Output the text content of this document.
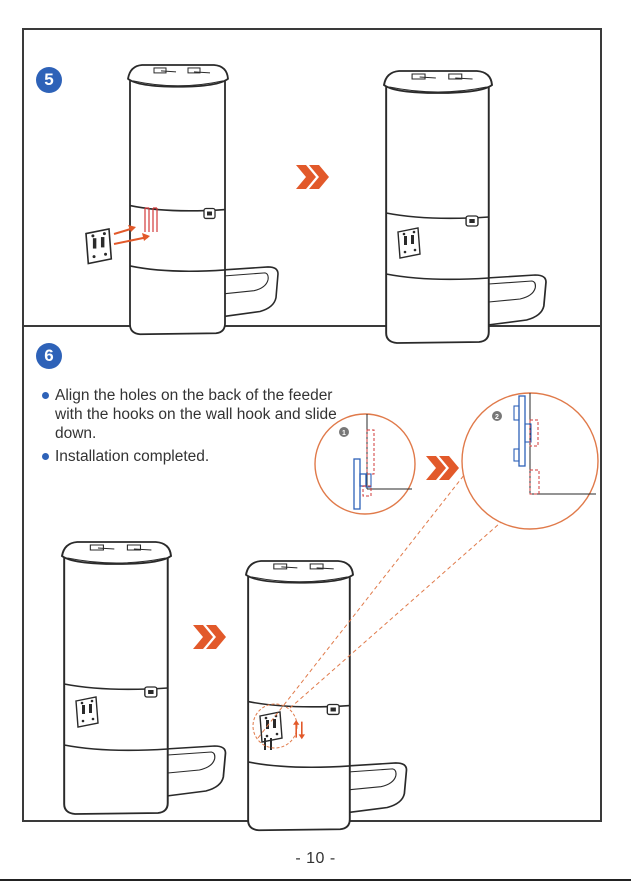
5
6
Align the holes on the back of the feeder with the hooks on the wall hook and slide down.
Installation completed.
1
2
- 10 -
